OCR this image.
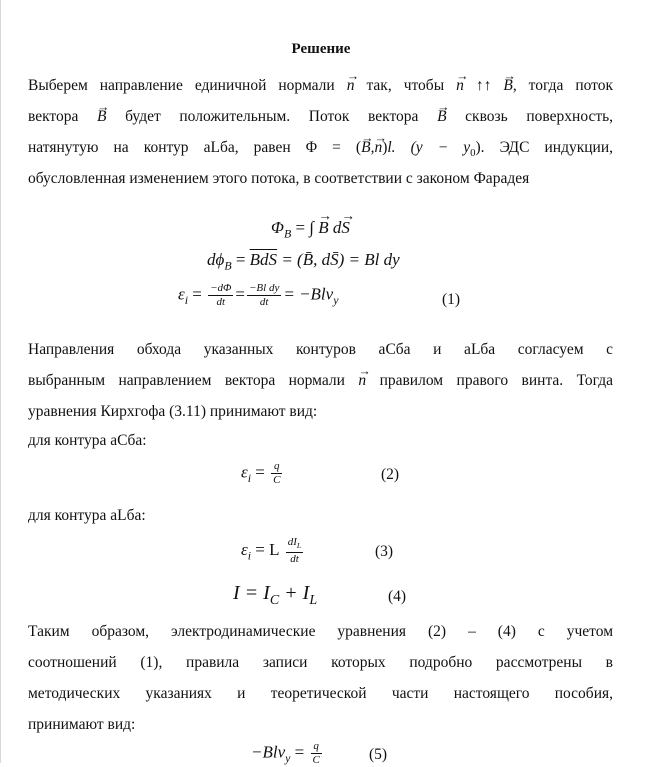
Решение
Выберем направление единичной нормали → n так, чтобы → n ↑↑ → B, тогда поток
вектора → B будет положительным. Поток вектора → B сквозь поверхность,
натянутую на контур aLба, равен Φ = (→ B,→ n)l. $(y - y_0)$. ЭДС индукции,
обусловленная изменением этого потока, в соответствии с законом Фарадея
$\Phi_B$ = ∫ → B d→ S
$d\phi_B = \overline{BdS}$ = (B̄, dS̄) = Bl dy
$\varepsilon_i = \frac{-d\Phi}{dt} = \frac{\text{−Bl dy}}{dt} = -Blv_y$	(1)
Направления обхода указанных контуров aCба и aLба согласуем с
выбранным направлением вектора нормали → n правилом правого винта. Тогда
уравнения Кирхгофа (3.11) принимают вид:
для контура aCба:
$\varepsilon_i = \frac{q}{C}$	(2)
для контура aLба:
$\varepsilon_i = L \frac{dI_L}{dt}$	(3)
$I = I_C + I_L$	(4)
Таким образом, электродинамические уравнения (2) – (4) с учетом
соотношений (1), правила записи которых подробно рассмотрены в
методических указаниях и теоретической части настоящего пособия,
принимают вид:
$-Blv_y = \frac{q}{C}$	(5)
